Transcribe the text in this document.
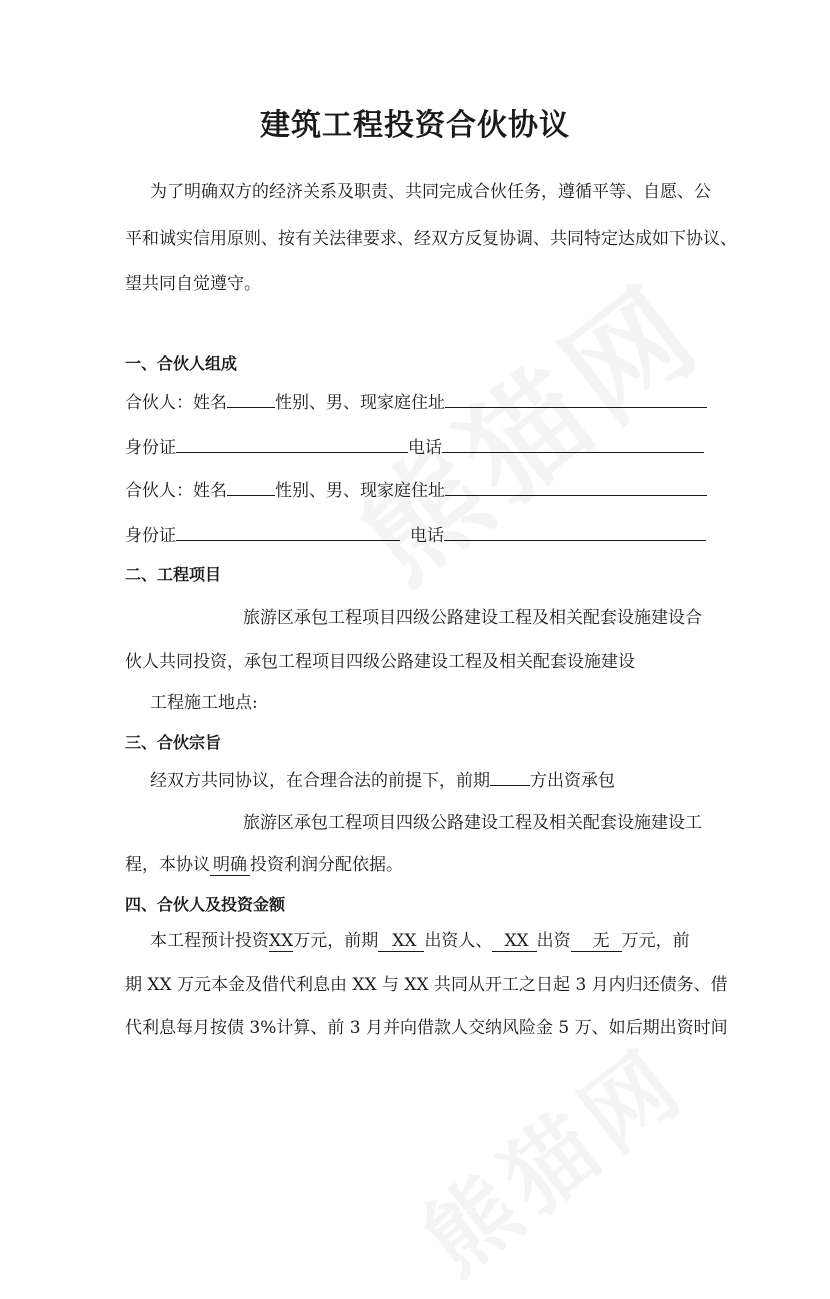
建筑工程投资合伙协议
为了明确双方的经济关系及职责、共同完成合伙任务，遵循平等、自愿、公
平和诚实信用原则、按有关法律要求、经双方反复协调、共同特定达成如下协议、
望共同自觉遵守。
一、合伙人组成
合伙人：姓名	性别、男、现家庭住址
身份证	电话
合伙人：姓名	性别、男、现家庭住址
身份证	电话
二、工程项目
旅游区承包工程项目四级公路建设工程及相关配套设施建设合
伙人共同投资，承包工程项目四级公路建设工程及相关配套设施建设
工程施工地点:
三、合伙宗旨
经双方共同协议，在合理合法的前提下，前期 方出资承包
旅游区承包工程项目四级公路建设工程及相关配套设施建设工
程，本协议 明确 投资利润分配依据。
四、合伙人及投资金额
本工程预计投资XX万元，前期 XX 出资人、 XX 出资 无 万元，前
期 XX 万元本金及借代利息由 XX 与 XX 共同从开工之日起 3 月内归还债务、借
代利息每月按债 3%计算、前 3 月并向借款人交纳风险金 5 万、如后期出资时间
